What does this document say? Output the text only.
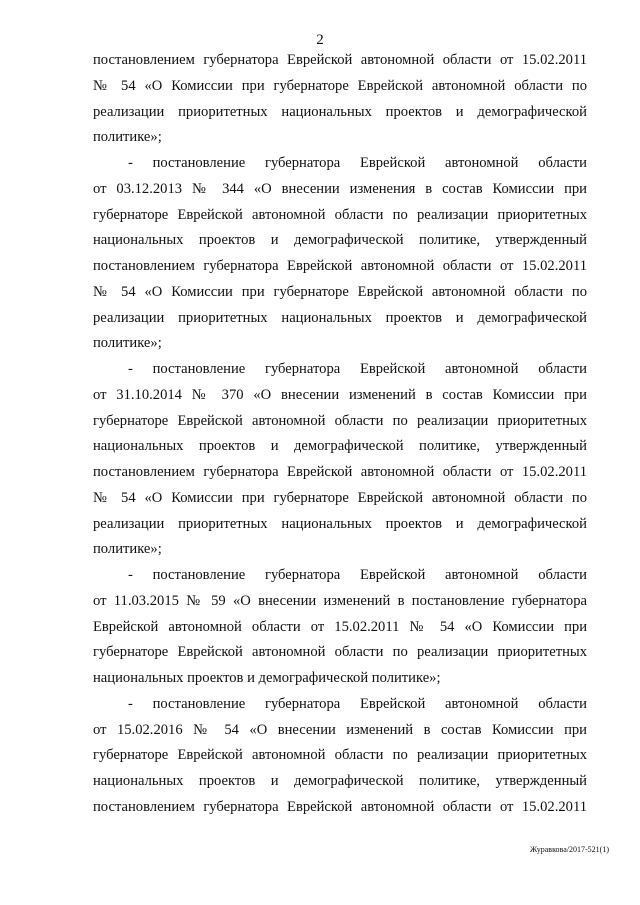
2
постановлением губернатора Еврейской автономной области от 15.02.2011
№ 54 «О Комиссии при губернаторе Еврейской автономной области по
реализации приоритетных национальных проектов и демографической
политике»;
- постановление губернатора Еврейской автономной области
от 03.12.2013 № 344 «О внесении изменения в состав Комиссии при
губернаторе Еврейской автономной области по реализации приоритетных
национальных проектов и демографической политике, утвержденный
постановлением губернатора Еврейской автономной области от 15.02.2011
№ 54 «О Комиссии при губернаторе Еврейской автономной области по
реализации приоритетных национальных проектов и демографической
политике»;
- постановление губернатора Еврейской автономной области
от 31.10.2014 № 370 «О внесении изменений в состав Комиссии при
губернаторе Еврейской автономной области по реализации приоритетных
национальных проектов и демографической политике, утвержденный
постановлением губернатора Еврейской автономной области от 15.02.2011
№ 54 «О Комиссии при губернаторе Еврейской автономной области по
реализации приоритетных национальных проектов и демографической
политике»;
- постановление губернатора Еврейской автономной области
от 11.03.2015 № 59 «О внесении изменений в постановление губернатора
Еврейской автономной области от 15.02.2011 № 54 «О Комиссии при
губернаторе Еврейской автономной области по реализации приоритетных
национальных проектов и демографической политике»;
- постановление губернатора Еврейской автономной области
от 15.02.2016 № 54 «О внесении изменений в состав Комиссии при
губернаторе Еврейской автономной области по реализации приоритетных
национальных проектов и демографической политике, утвержденный
постановлением губернатора Еврейской автономной области от 15.02.2011
Журавкова/2017-521(1)
